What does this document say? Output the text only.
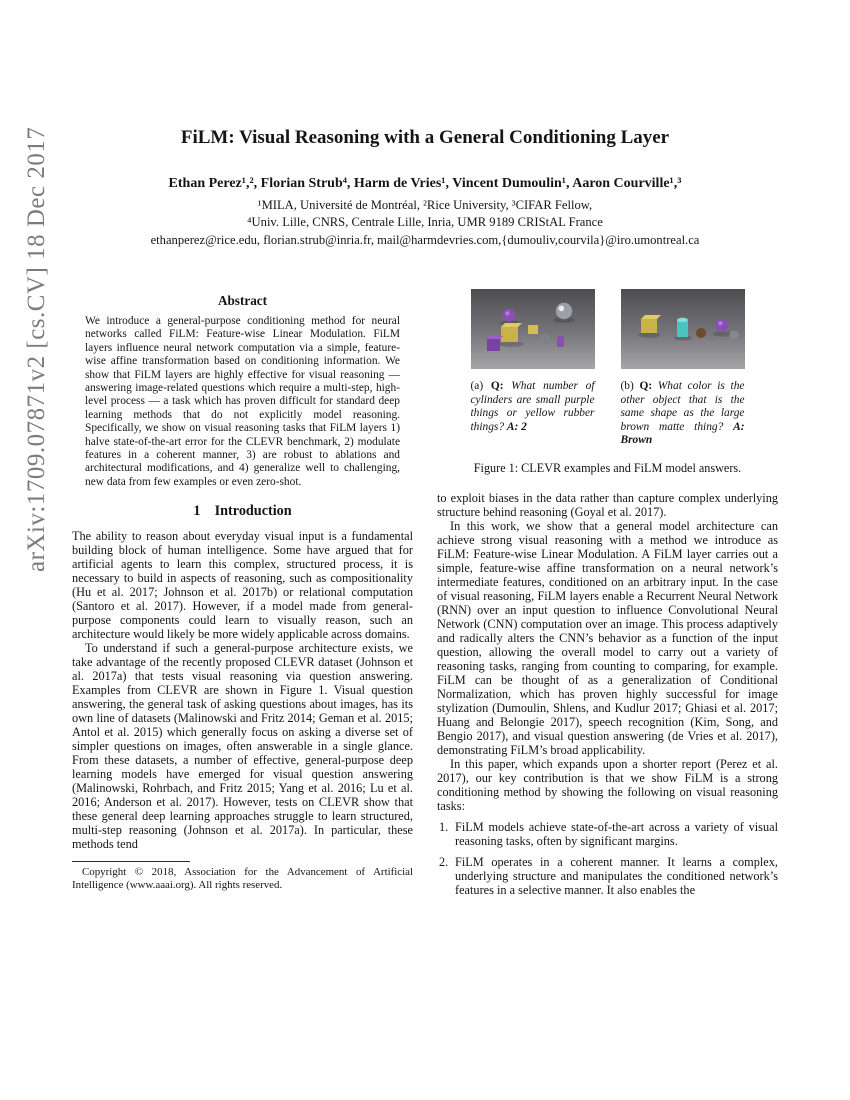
arXiv:1709.07871v2 [cs.CV] 18 Dec 2017	FiLM: Visual Reasoning with a General Conditioning Layer
Ethan Perez¹,², Florian Strub⁴, Harm de Vries¹, Vincent Dumoulin¹, Aaron Courville¹,³
¹MILA, Université de Montréal, ²Rice University, ³CIFAR Fellow,
⁴Univ. Lille, CNRS, Centrale Lille, Inria, UMR 9189 CRIStAL France
ethanperez@rice.edu, florian.strub@inria.fr, mail@harmdevries.com,{dumouliv,courvila}@iro.umontreal.ca
Abstract

We introduce a general-purpose conditioning method for neural networks called FiLM: Feature-wise Linear Modulation. FiLM layers influence neural network computation via a simple, feature-wise affine transformation based on conditioning information. We show that FiLM layers are highly effective for visual reasoning — answering image-related questions which require a multi-step, high-level process — a task which has proven difficult for standard deep learning methods that do not explicitly model reasoning. Specifically, we show on visual reasoning tasks that FiLM layers 1) halve state-of-the-art error for the CLEVR benchmark, 2) modulate features in a coherent manner, 3) are robust to ablations and architectural modifications, and 4) generalize well to challenging, new data from few examples or even zero-shot.

1    Introduction

The ability to reason about everyday visual input is a fundamental building block of human intelligence. Some have argued that for artificial agents to learn this complex, structured process, it is necessary to build in aspects of reasoning, such as compositionality (Hu et al. 2017; Johnson et al. 2017b) or relational computation (Santoro et al. 2017). However, if a model made from general-purpose components could learn to visually reason, such an architecture would likely be more widely applicable across domains.

To understand if such a general-purpose architecture exists, we take advantage of the recently proposed CLEVR dataset (Johnson et al. 2017a) that tests visual reasoning via question answering. Examples from CLEVR are shown in Figure 1. Visual question answering, the general task of asking questions about images, has its own line of datasets (Malinowski and Fritz 2014; Geman et al. 2015; Antol et al. 2015) which generally focus on asking a diverse set of simpler questions on images, often answerable in a single glance. From these datasets, a number of effective, general-purpose deep learning models have emerged for visual question answering (Malinowski, Rohrbach, and Fritz 2015; Yang et al. 2016; Lu et al. 2016; Anderson et al. 2017). However, tests on CLEVR show that these general deep learning approaches struggle to learn structured, multi-step reasoning (Johnson et al. 2017a). In particular, these methods tend

Copyright © 2018, Association for the Advancement of Artificial Intelligence (www.aaai.org). All rights reserved.

(a) Q: What number of cylinders are small purple things or yellow rubber things? A: 2

(b) Q: What color is the other object that is the same shape as the large brown matte thing? A: Brown

Figure 1: CLEVR examples and FiLM model answers.

to exploit biases in the data rather than capture complex underlying structure behind reasoning (Goyal et al. 2017).

In this work, we show that a general model architecture can achieve strong visual reasoning with a method we introduce as FiLM: Feature-wise Linear Modulation. A FiLM layer carries out a simple, feature-wise affine transformation on a neural network’s intermediate features, conditioned on an arbitrary input. In the case of visual reasoning, FiLM layers enable a Recurrent Neural Network (RNN) over an input question to influence Convolutional Neural Network (CNN) computation over an image. This process adaptively and radically alters the CNN’s behavior as a function of the input question, allowing the overall model to carry out a variety of reasoning tasks, ranging from counting to comparing, for example. FiLM can be thought of as a generalization of Conditional Normalization, which has proven highly successful for image stylization (Dumoulin, Shlens, and Kudlur 2017; Ghiasi et al. 2017; Huang and Belongie 2017), speech recognition (Kim, Song, and Bengio 2017), and visual question answering (de Vries et al. 2017), demonstrating FiLM’s broad applicability.

In this paper, which expands upon a shorter report (Perez et al. 2017), our key contribution is that we show FiLM is a strong conditioning method by showing the following on visual reasoning tasks:

1. FiLM models achieve state-of-the-art across a variety of visual reasoning tasks, often by significant margins.
2. FiLM operates in a coherent manner. It learns a complex, underlying structure and manipulates the conditioned network’s features in a selective manner. It also enables the
